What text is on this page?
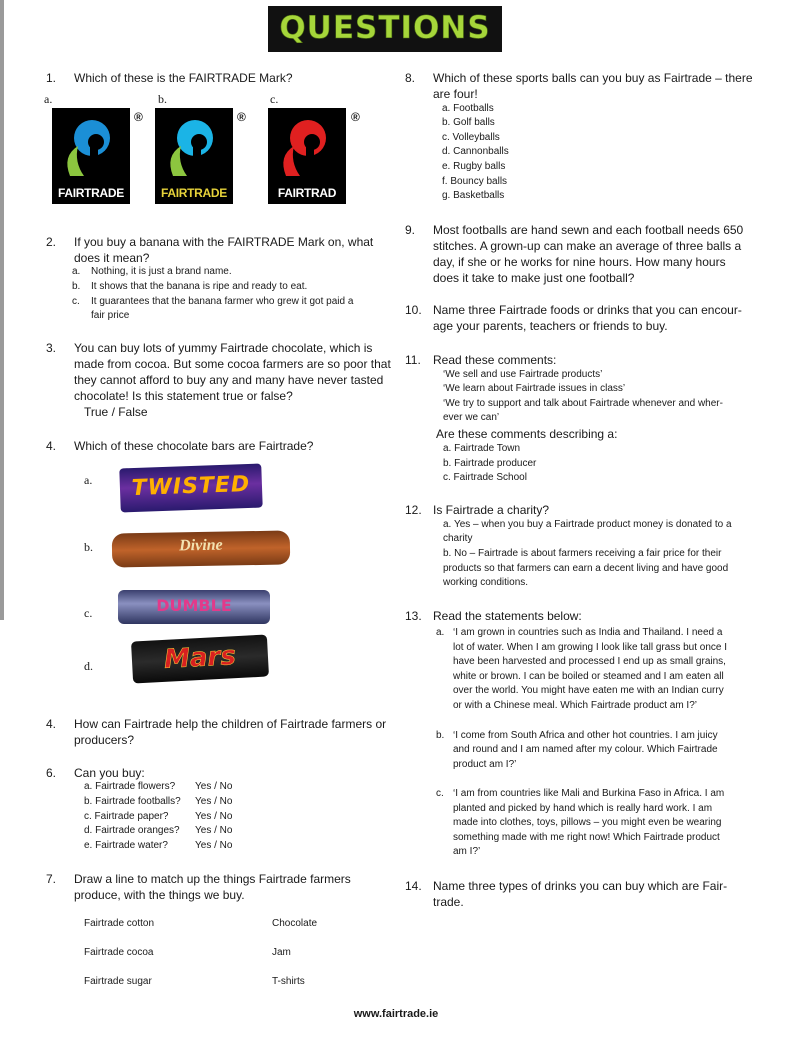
QUESTIONS
1. Which of these is the FAIRTRADE Mark?
a.	b.	c.
FAIRTRADE
®
FAIRTRADE
®
FAIRTRAD
®
2. If you buy a banana with the FAIRTRADE Mark on, what
does it mean?
a. Nothing, it is just a brand name.
b. It shows that the banana is ripe and ready to eat.
c. It guarantees that the banana farmer who grew it got paid a
fair price
3. You can buy lots of yummy Fairtrade chocolate, which is
made from cocoa. But some cocoa farmers are so poor that
they cannot afford to buy any and many have never tasted
chocolate! Is this statement true or false?
True / False
4. Which of these chocolate bars are Fairtrade?
a.
b.
c.
d.
TWISTED
Divine
DUMBLE
Mars
4. How can Fairtrade help the children of Fairtrade farmers or
producers?
6. Can you buy:
a. Fairtrade flowers? Yes / No
b. Fairtrade footballs? Yes / No
c. Fairtrade paper?	Yes / No
d. Fairtrade oranges? Yes / No
e. Fairtrade water?	Yes / No
7. Draw a line to match up the things Fairtrade farmers
produce, with the things we buy.
Fairtrade cotton
Fairtrade cocoa
Fairtrade sugar
Chocolate
Jam
T-shirts
8. Which of these sports balls can you buy as Fairtrade – there
are four!
a. Footballs
b. Golf balls
c. Volleyballs
d. Cannonballs
e. Rugby balls
f. Bouncy balls
g. Basketballs
9. Most footballs are hand sewn and each football needs 650
stitches. A grown-up can make an average of three balls a
day, if she or he works for nine hours. How many hours
does it take to make just one football?
10. Name three Fairtrade foods or drinks that you can encour-
age your parents, teachers or friends to buy.
11. Read these comments:
‘We sell and use Fairtrade products’
‘We learn about Fairtrade issues in class’
‘We try to support and talk about Fairtrade whenever and wher-
ever we can’
Are these comments describing a:
a. Fairtrade Town
b. Fairtrade producer
c. Fairtrade School
12. Is Fairtrade a charity?
a. Yes – when you buy a Fairtrade product money is donated to a
charity
b. No – Fairtrade is about farmers receiving a fair price for their
products so that farmers can earn a decent living and have good
working conditions.
13. Read the statements below:
a. ‘I am grown in countries such as India and Thailand. I need a
lot of water. When I am growing I look like tall grass but once I
have been harvested and processed I end up as small grains,
white or brown. I can be boiled or steamed and I am eaten all
over the world. You might have eaten me with an Indian curry
or with a Chinese meal. Which Fairtrade product am I?’
b. ‘I come from South Africa and other hot countries. I am juicy
and round and I am named after my colour. Which Fairtrade
product am I?’
c. ‘I am from countries like Mali and Burkina Faso in Africa. I am
planted and picked by hand which is really hard work. I am
made into clothes, toys, pillows – you might even be wearing
something made with me right now! Which Fairtrade product
am I?’
14. Name three types of drinks you can buy which are Fair-
trade.
www.fairtrade.ie
